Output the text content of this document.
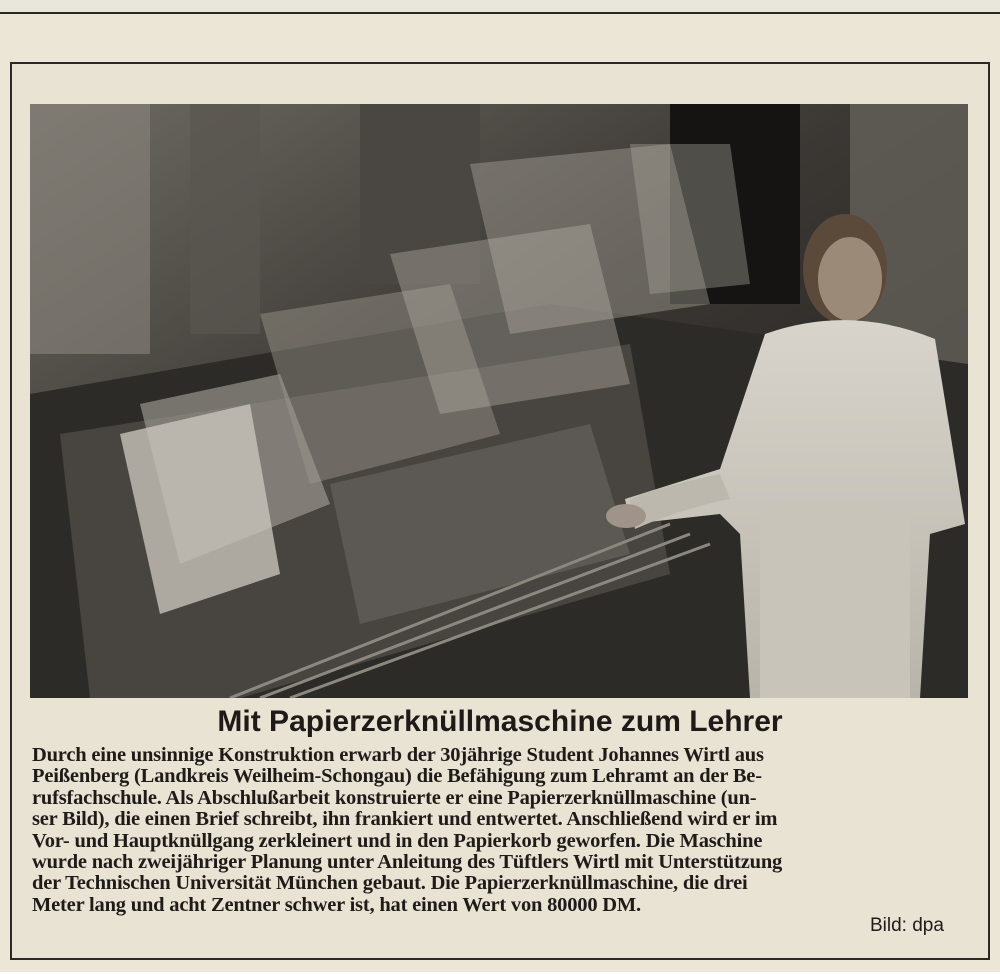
Mit Papierzerknüllmaschine zum Lehrer
Durch eine unsinnige Konstruktion erwarb der 30jährige Student Johannes Wirtl aus
Peißenberg (Landkreis Weilheim-Schongau) die Befähigung zum Lehramt an der Be-
rufsfachschule. Als Abschlußarbeit konstruierte er eine Papierzerknüllmaschine (un-
ser Bild), die einen Brief schreibt, ihn frankiert und entwertet. Anschließend wird er im
Vor- und Hauptknüllgang zerkleinert und in den Papierkorb geworfen. Die Maschine
wurde nach zweijähriger Planung unter Anleitung des Tüftlers Wirtl mit Unterstützung
der Technischen Universität München gebaut. Die Papierzerknüllmaschine, die drei
Meter lang und acht Zentner schwer ist, hat einen Wert von 80000 DM.
Bild: dpa
